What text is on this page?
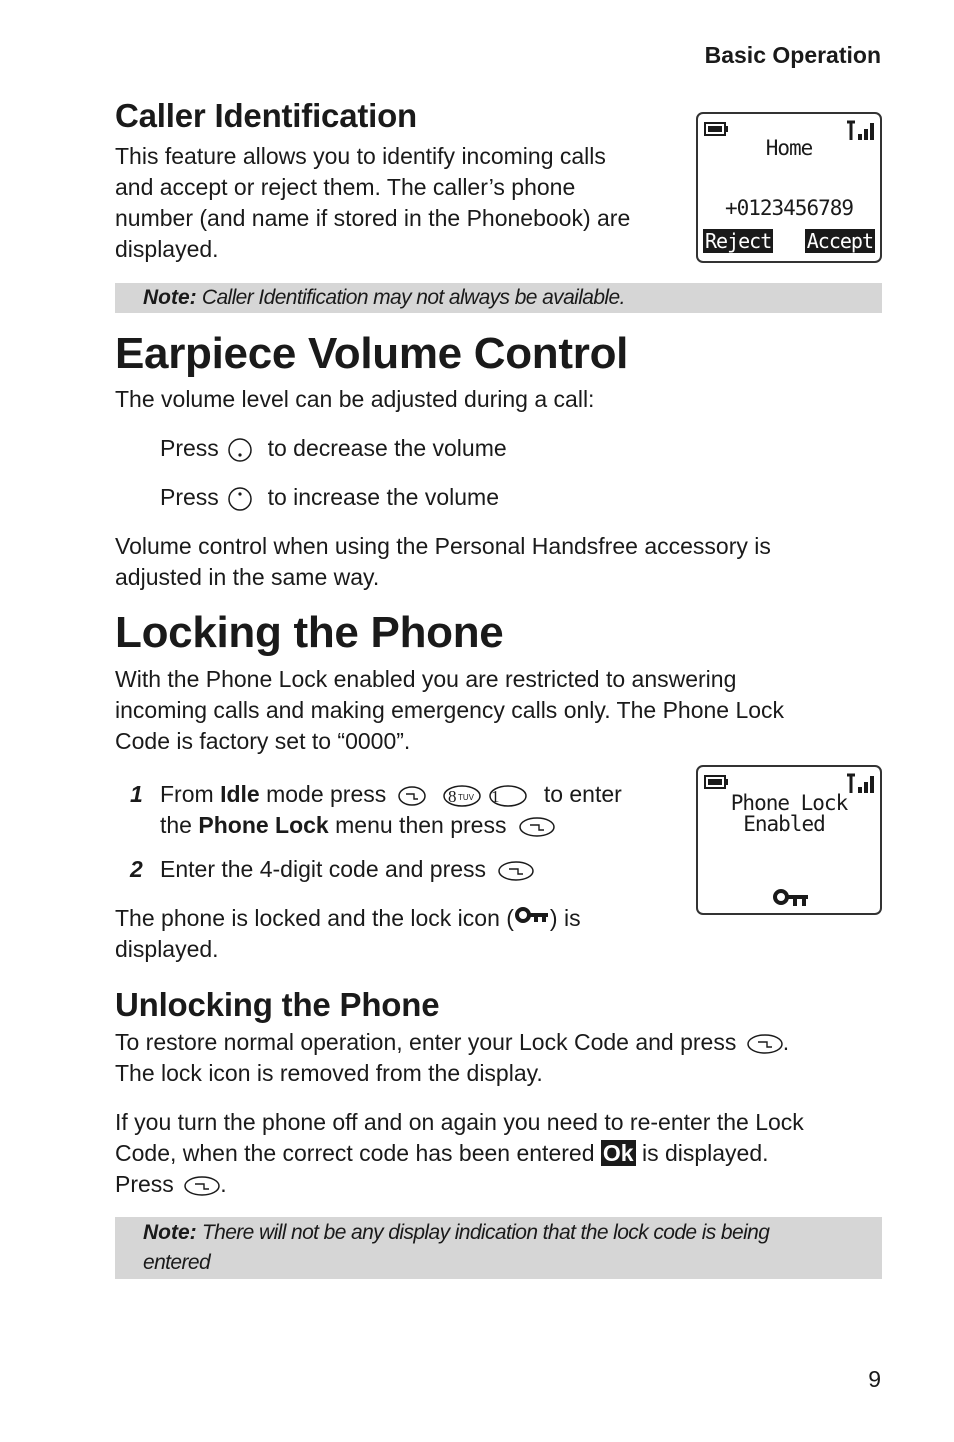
Basic Operation
Caller Identification
This feature allows you to identify incoming calls
and accept or reject them. The caller’s phone
number (and name if stored in the Phonebook) are
displayed.
Home
+0123456789
Reject Accept
Note: Caller Identification may not always be available.
Earpiece Volume Control
The volume level can be adjusted during a call:
Press to decrease the volume
Press to increase the volume
Volume control when using the Personal Handsfree accessory is
adjusted in the same way.
Locking the Phone
With the Phone Lock enabled you are restricted to answering
incoming calls and making emergency calls only. The Phone Lock
Code is factory set to “0000”.
1 From Idle mode press	8 TUV
1 to enter
the Phone Lock menu then press
2 Enter the 4-digit code and press
The phone is locked and the lock icon ( ) is
displayed.
Phone Lock
Enabled
Unlocking the Phone
To restore normal operation, enter your Lock Code and press .
The lock icon is removed from the display.
If you turn the phone off and on again you need to re-enter the Lock
Code, when the correct code has been entered Ok is displayed.
Press .
Note: There will not be any display indication that the lock code is being
entered
9
